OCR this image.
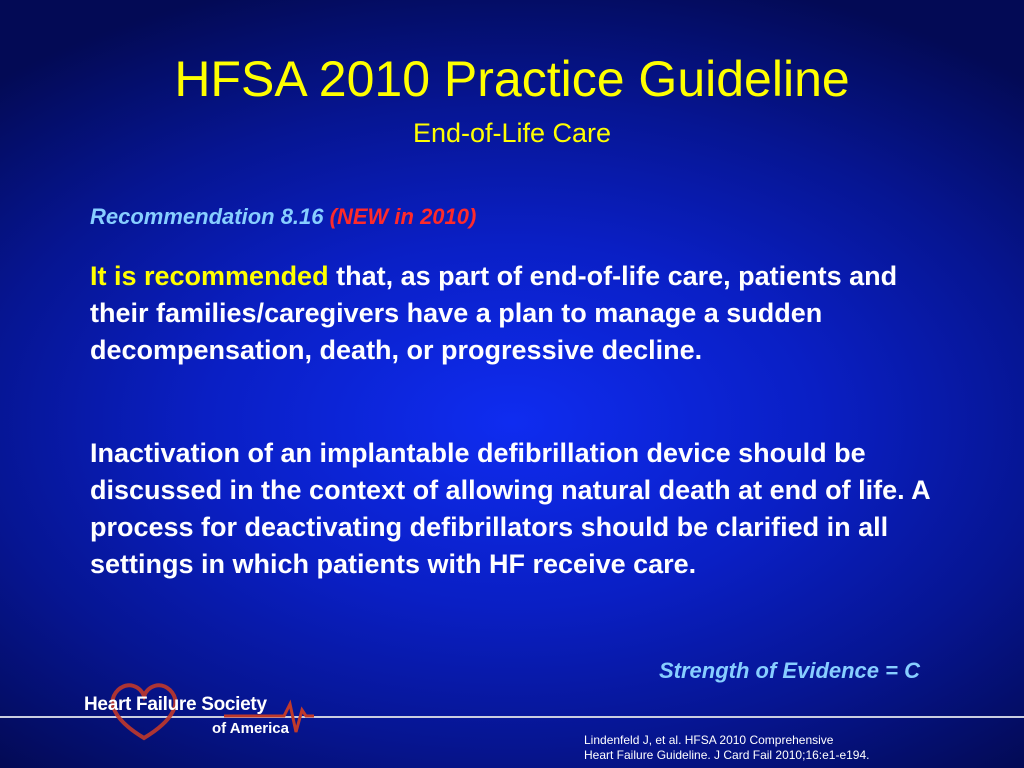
HFSA 2010 Practice Guideline
End-of-Life Care

Recommendation 8.16 (NEW in 2010)

It is recommended that, as part of end-of-life care, patients and their families/caregivers have a plan to manage a sudden decompensation, death, or progressive decline.

Inactivation of an implantable defibrillation device should be discussed in the context of allowing natural death at end of life. A process for deactivating defibrillators should be clarified in all settings in which patients with HF receive care.

Strength of Evidence = C

Heart Failure Society
of America

Lindenfeld J, et al. HFSA 2010 Comprehensive
Heart Failure Guideline. J Card Fail 2010;16:e1-e194.
